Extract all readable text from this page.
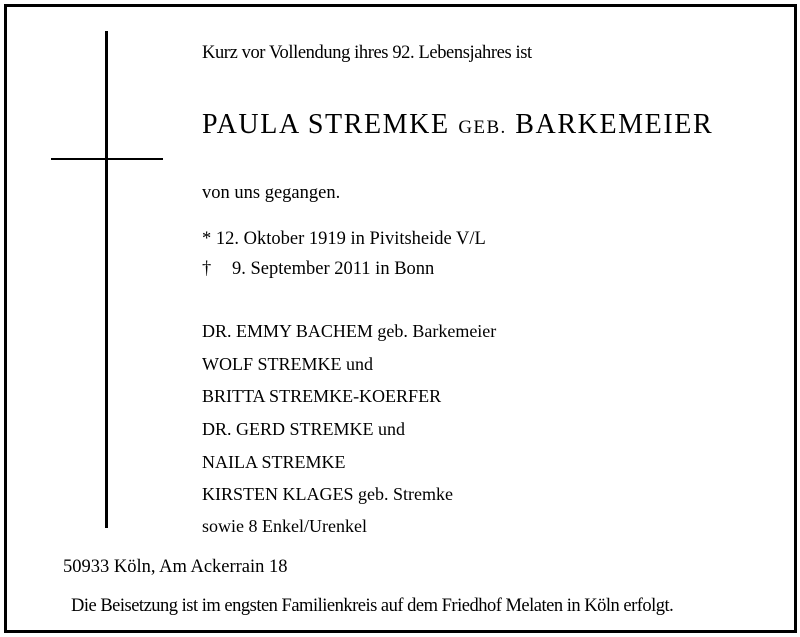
Kurz vor Vollendung ihres 92. Lebensjahres ist
PAULA STREMKE GEB. BARKEMEIER
von uns gegangen.
* 12. Oktober 1919 in Pivitsheide V/L
† 9. September 2011 in Bonn
DR. EMMY BACHEM geb. Barkemeier
WOLF STREMKE und
BRITTA STREMKE-KOERFER
DR. GERD STREMKE und
NAILA STREMKE
KIRSTEN KLAGES geb. Stremke
sowie 8 Enkel/Urenkel
50933 Köln, Am Ackerrain 18
Die Beisetzung ist im engsten Familienkreis auf dem Friedhof Melaten in Köln erfolgt.
